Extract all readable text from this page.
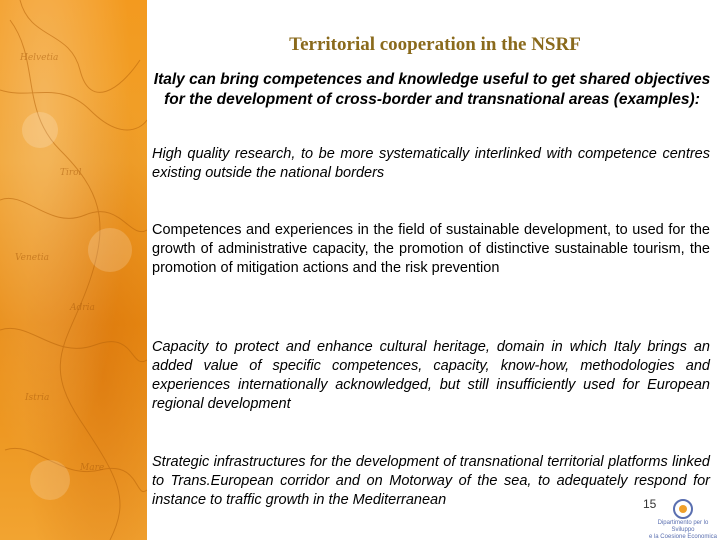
Helvetia
Tirol
Venetia
Adria
Istria
Mare
Territorial cooperation in the NSRF
Italy can bring competences and knowledge useful to get shared objectives for the development of cross-border and transnational areas (examples):
High quality research, to be more systematically interlinked with competence centres existing outside the national borders
Competences and experiences in the field of sustainable development, to used for the growth of administrative capacity, the promotion of distinctive sustainable tourism, the promotion of mitigation actions and the risk prevention
Capacity to protect and enhance cultural heritage, domain in which Italy brings an added value of specific competences, capacity, know-how, methodologies and experiences internationally acknowledged, but still insufficiently used for European regional development
Strategic infrastructures for the development of transnational territorial platforms linked to Trans.European corridor and on Motorway of the sea, to adequately respond for instance to traffic growth in the Mediterranean
Dipartimento per lo Sviluppo
e la Coesione Economica
15
